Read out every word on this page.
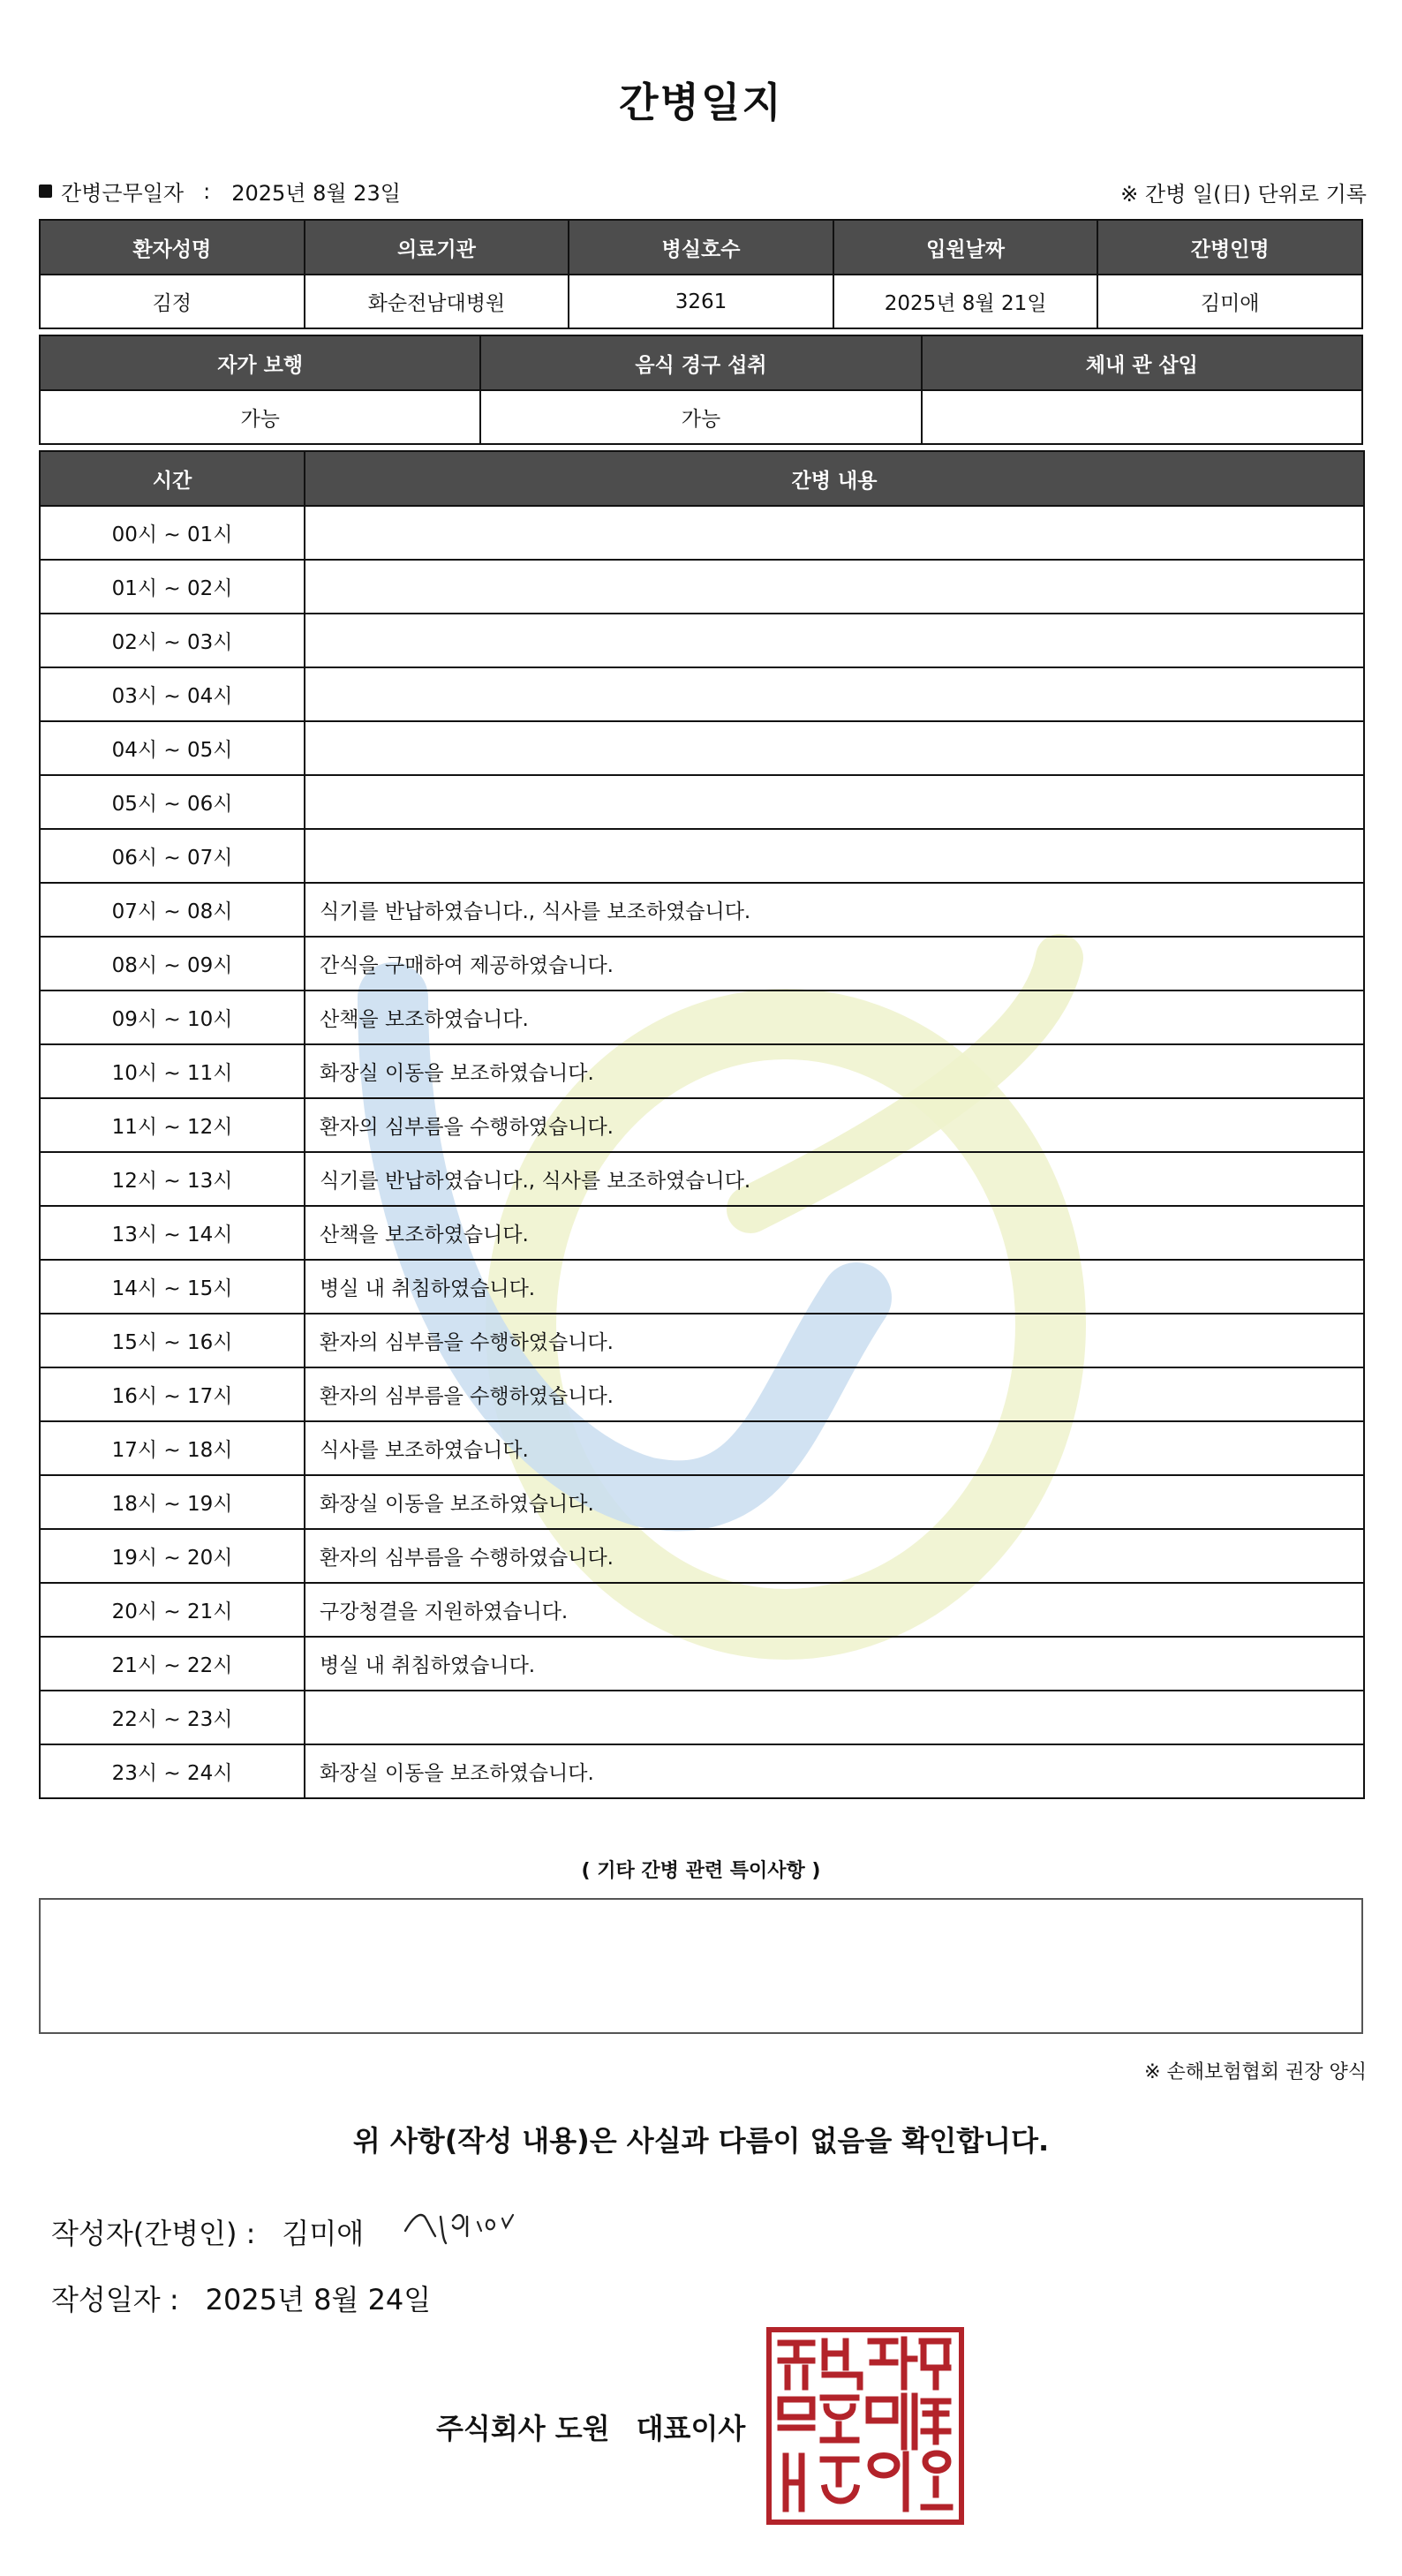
간병일지
간병근무일자 : 2025년 8월 23일	※ 간병 일(日) 단위로 기록
환자성명	의료기관	병실호수	입원날짜	간병인명
김정	화순전남대병원	3261	2025년 8월 21일	김미애
자가 보행	음식 경구 섭취	체내 관 삽입
가능	가능	
시간	간병 내용
00시 ~ 01시	
01시 ~ 02시	
02시 ~ 03시	
03시 ~ 04시	
04시 ~ 05시	
05시 ~ 06시	
06시 ~ 07시	
07시 ~ 08시	식기를 반납하였습니다., 식사를 보조하였습니다.
08시 ~ 09시	간식을 구매하여 제공하였습니다.
09시 ~ 10시	산책을 보조하였습니다.
10시 ~ 11시	화장실 이동을 보조하였습니다.
11시 ~ 12시	환자의 심부름을 수행하였습니다.
12시 ~ 13시	식기를 반납하였습니다., 식사를 보조하였습니다.
13시 ~ 14시	산책을 보조하였습니다.
14시 ~ 15시	병실 내 취침하였습니다.
15시 ~ 16시	환자의 심부름을 수행하였습니다.
16시 ~ 17시	환자의 심부름을 수행하였습니다.
17시 ~ 18시	식사를 보조하였습니다.
18시 ~ 19시	화장실 이동을 보조하였습니다.
19시 ~ 20시	환자의 심부름을 수행하였습니다.
20시 ~ 21시	구강청결을 지원하였습니다.
21시 ~ 22시	병실 내 취침하였습니다.
22시 ~ 23시	
23시 ~ 24시	화장실 이동을 보조하였습니다.
( 기타 간병 관련 특이사항 )
※ 손해보험협회 권장 양식
위 사항(작성 내용)은 사실과 다름이 없음을 확인합니다.
작성자(간병인) : 김미애
작성일자 : 2025년 8월 24일
주식회사 도원 대표이사
